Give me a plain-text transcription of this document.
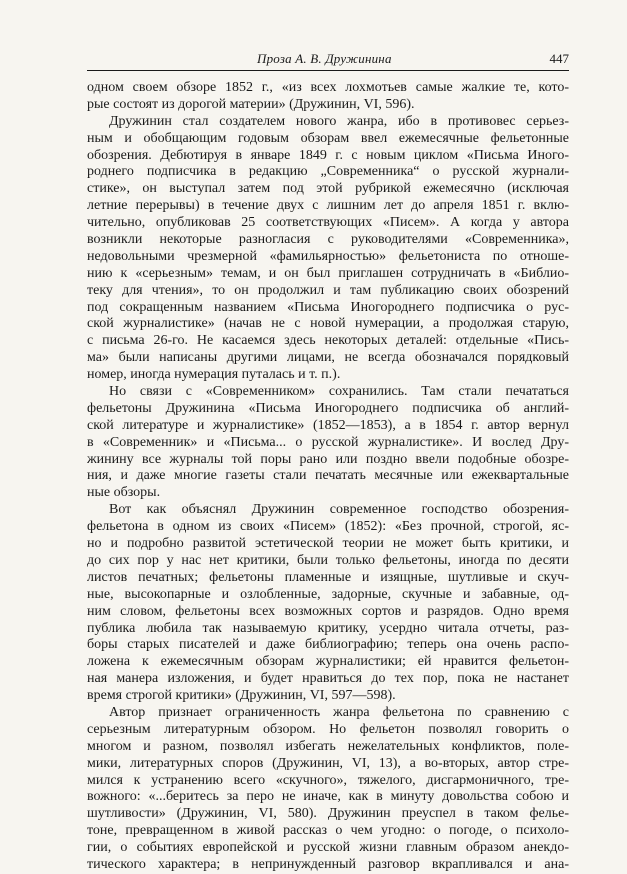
Проза А. В. Дружинина	447
одном своем обзоре 1852 г., «из всех лохмотьев самые жалкие те, кото-
рые состоят из дорогой материи» (Дружинин, VI, 596).
Дружинин стал создателем нового жанра, ибо в противовес серьез-
ным и обобщающим годовым обзорам ввел ежемесячные фельетонные
обозрения. Дебютируя в январе 1849 г. с новым циклом «Письма Иного-
роднего подписчика в редакцию „Современника“ о русской журнали-
стике», он выступал затем под этой рубрикой ежемесячно (исключая
летние перерывы) в течение двух с лишним лет до апреля 1851 г. вклю-
чительно, опубликовав 25 соответствующих «Писем». А когда у автора
возникли некоторые разногласия с руководителями «Современника»,
недовольными чрезмерной «фамильярностью» фельетониста по отноше-
нию к «серьезным» темам, и он был приглашен сотрудничать в «Библио-
теку для чтения», то он продолжил и там публикацию своих обозрений
под сокращенным названием «Письма Иногороднего подписчика о рус-
ской журналистике» (начав не с новой нумерации, а продолжая старую,
с письма 26-го. Не касаемся здесь некоторых деталей: отдельные «Пись-
ма» были написаны другими лицами, не всегда обозначался порядковый
номер, иногда нумерация путалась и т. п.).
Но связи с «Современником» сохранились. Там стали печататься
фельетоны Дружинина «Письма Иногороднего подписчика об англий-
ской литературе и журналистике» (1852—1853), а в 1854 г. автор вернул
в «Современник» и «Письма... о русской журналистике». И вослед Дру-
жинину все журналы той поры рано или поздно ввели подобные обозре-
ния, и даже многие газеты стали печатать месячные или ежеквартальные
ные обзоры.
Вот как объяснял Дружинин современное господство обозрения-
фельетона в одном из своих «Писем» (1852): «Без прочной, строгой, яс-
но и подробно развитой эстетической теории не может быть критики, и
до сих пор у нас нет критики, были только фельетоны, иногда по десяти
листов печатных; фельетоны пламенные и изящные, шутливые и скуч-
ные, высокопарные и озлобленные, задорные, скучные и забавные, од-
ним словом, фельетоны всех возможных сортов и разрядов. Одно время
публика любила так называемую критику, усердно читала отчеты, раз-
боры старых писателей и даже библиографию; теперь она очень распо-
ложена к ежемесячным обзорам журналистики; ей нравится фельетон-
ная манера изложения, и будет нравиться до тех пор, пока не настанет
время строгой критики» (Дружинин, VI, 597—598).
Автор признает ограниченность жанра фельетона по сравнению с
серьезным литературным обзором. Но фельетон позволял говорить о
многом и разном, позволял избегать нежелательных конфликтов, поле-
мики, литературных споров (Дружинин, VI, 13), а во-вторых, автор стре-
мился к устранению всего «скучного», тяжелого, дисгармоничного, тре-
вожного: «...беритесь за перо не иначе, как в минуту довольства собою и
шутливости» (Дружинин, VI, 580). Дружинин преуспел в таком фелье-
тоне, превращенном в живой рассказ о чем угодно: о погоде, о психоло-
гии, о событиях европейской и русской жизни главным образом анекдо-
тического характера; в непринужденный разговор вкрапливался и ана-
